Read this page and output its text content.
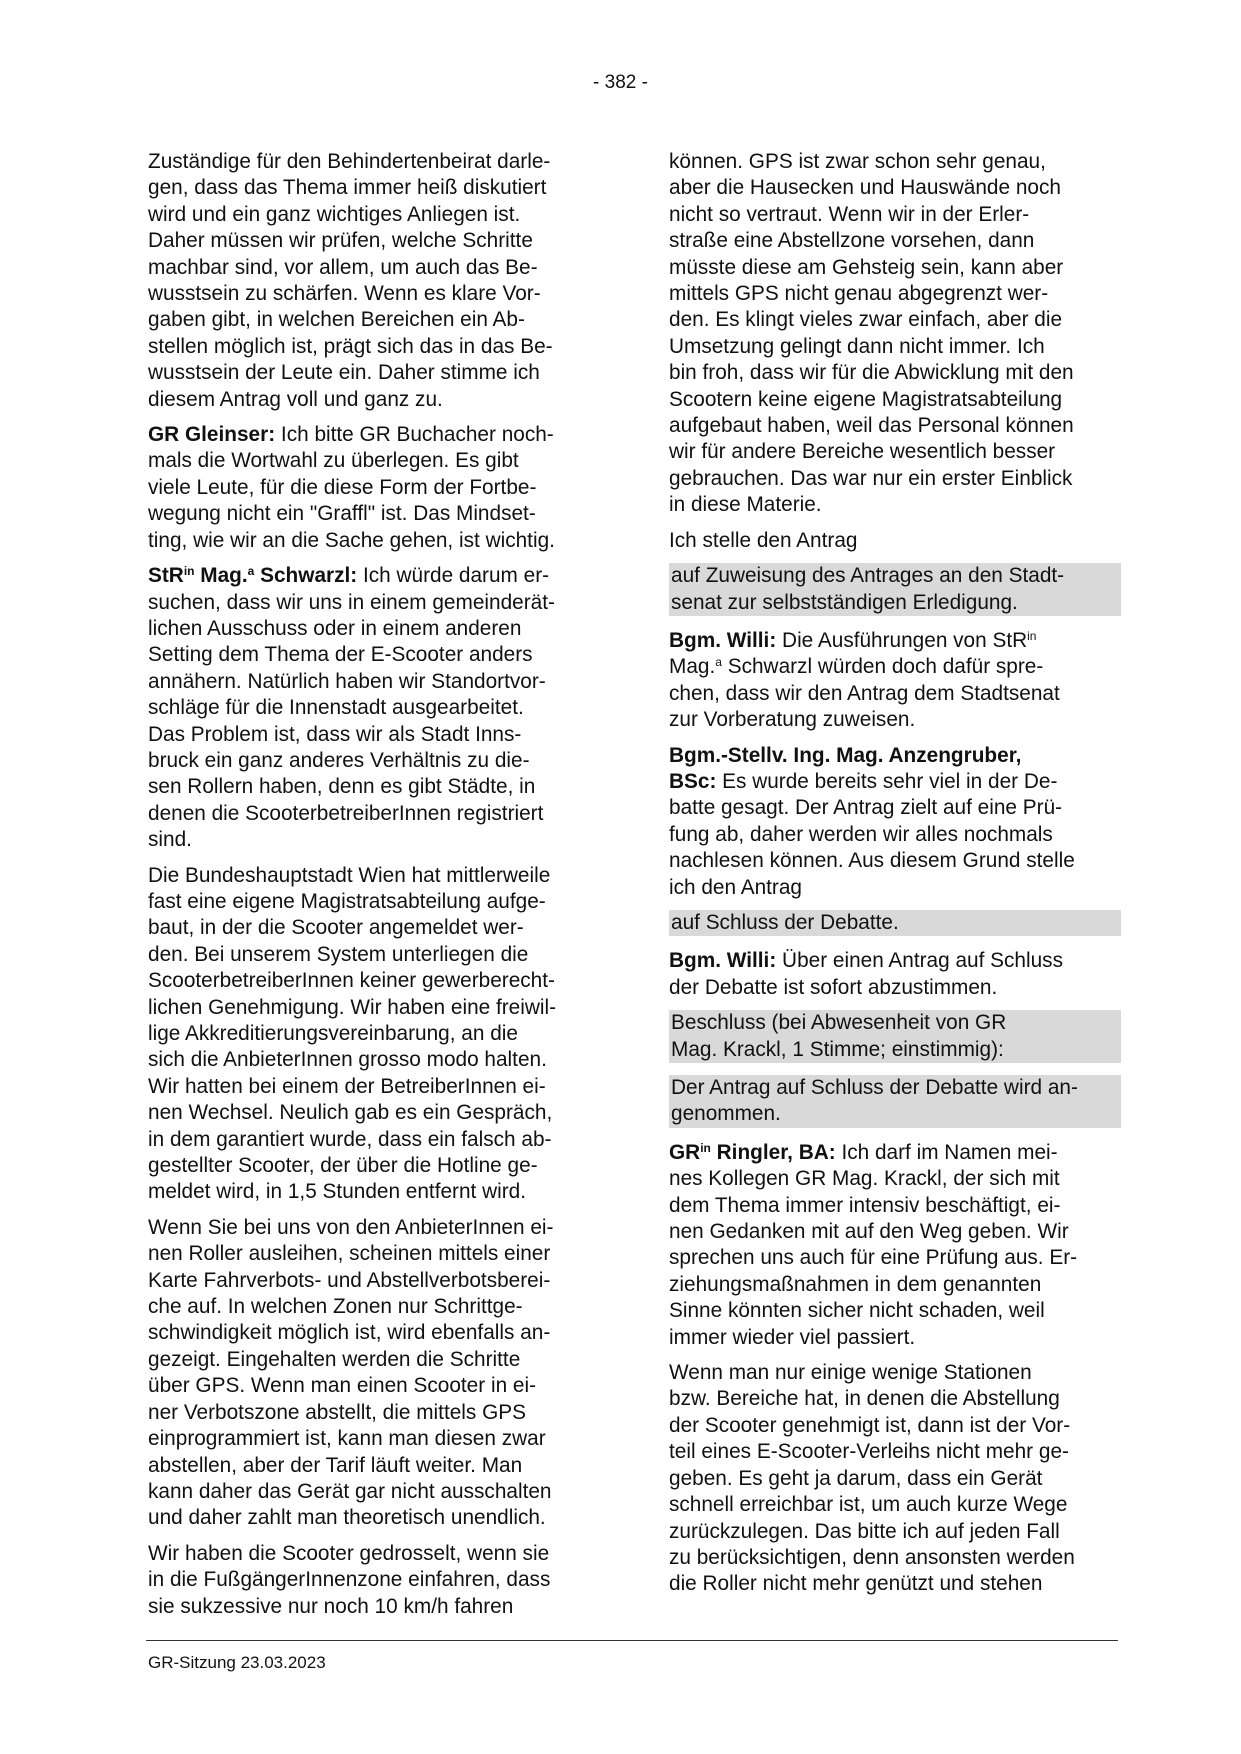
- 382 -

Zuständige für den Behindertenbeirat darle-
gen, dass das Thema immer heiß diskutiert
wird und ein ganz wichtiges Anliegen ist.
Daher müssen wir prüfen, welche Schritte
machbar sind, vor allem, um auch das Be-
wusstsein zu schärfen. Wenn es klare Vor-
gaben gibt, in welchen Bereichen ein Ab-
stellen möglich ist, prägt sich das in das Be-
wusstsein der Leute ein. Daher stimme ich
diesem Antrag voll und ganz zu.

GR Gleinser: Ich bitte GR Buchacher noch-
mals die Wortwahl zu überlegen. Es gibt
viele Leute, für die diese Form der Fortbe-
wegung nicht ein "Graffl" ist. Das Mindset-
ting, wie wir an die Sache gehen, ist wichtig.

StR$^{in}$ Mag.$^a$ Schwarzl: Ich würde darum er-
suchen, dass wir uns in einem gemeinderät-
lichen Ausschuss oder in einem anderen
Setting dem Thema der E-Scooter anders
annähern. Natürlich haben wir Standortvor-
schläge für die Innenstadt ausgearbeitet.
Das Problem ist, dass wir als Stadt Inns-
bruck ein ganz anderes Verhältnis zu die-
sen Rollern haben, denn es gibt Städte, in
denen die ScooterbetreiberInnen registriert
sind.

Die Bundeshauptstadt Wien hat mittlerweile
fast eine eigene Magistratsabteilung aufge-
baut, in der die Scooter angemeldet wer-
den. Bei unserem System unterliegen die
ScooterbetreiberInnen keiner gewerberecht-
lichen Genehmigung. Wir haben eine freiwil-
lige Akkreditierungsvereinbarung, an die
sich die AnbieterInnen grosso modo halten.
Wir hatten bei einem der BetreiberInnen ei-
nen Wechsel. Neulich gab es ein Gespräch,
in dem garantiert wurde, dass ein falsch ab-
gestellter Scooter, der über die Hotline ge-
meldet wird, in 1,5 Stunden entfernt wird.

Wenn Sie bei uns von den AnbieterInnen ei-
nen Roller ausleihen, scheinen mittels einer
Karte Fahrverbots- und Abstellverbotsberei-
che auf. In welchen Zonen nur Schrittge-
schwindigkeit möglich ist, wird ebenfalls an-
gezeigt. Eingehalten werden die Schritte
über GPS. Wenn man einen Scooter in ei-
ner Verbotszone abstellt, die mittels GPS
einprogrammiert ist, kann man diesen zwar
abstellen, aber der Tarif läuft weiter. Man
kann daher das Gerät gar nicht ausschalten
und daher zahlt man theoretisch unendlich.

Wir haben die Scooter gedrosselt, wenn sie
in die FußgängerInnenzone einfahren, dass
sie sukzessive nur noch 10 km/h fahren

können. GPS ist zwar schon sehr genau,
aber die Hausecken und Hauswände noch
nicht so vertraut. Wenn wir in der Erler-
straße eine Abstellzone vorsehen, dann
müsste diese am Gehsteig sein, kann aber
mittels GPS nicht genau abgegrenzt wer-
den. Es klingt vieles zwar einfach, aber die
Umsetzung gelingt dann nicht immer. Ich
bin froh, dass wir für die Abwicklung mit den
Scootern keine eigene Magistratsabteilung
aufgebaut haben, weil das Personal können
wir für andere Bereiche wesentlich besser
gebrauchen. Das war nur ein erster Einblick
in diese Materie.

Ich stelle den Antrag

auf Zuweisung des Antrages an den Stadt-
senat zur selbstständigen Erledigung.

Bgm. Willi: Die Ausführungen von StR$^{in}$
Mag.$^a$ Schwarzl würden doch dafür spre-
chen, dass wir den Antrag dem Stadtsenat
zur Vorberatung zuweisen.

Bgm.-Stellv. Ing. Mag. Anzengruber,
BSc: Es wurde bereits sehr viel in der De-
batte gesagt. Der Antrag zielt auf eine Prü-
fung ab, daher werden wir alles nochmals
nachlesen können. Aus diesem Grund stelle
ich den Antrag

auf Schluss der Debatte.

Bgm. Willi: Über einen Antrag auf Schluss
der Debatte ist sofort abzustimmen.

Beschluss (bei Abwesenheit von GR
Mag. Krackl, 1 Stimme; einstimmig):

Der Antrag auf Schluss der Debatte wird an-
genommen.

$GR^{in}$ Ringler, BA: Ich darf im Namen mei-
nes Kollegen GR Mag. Krackl, der sich mit
dem Thema immer intensiv beschäftigt, ei-
nen Gedanken mit auf den Weg geben. Wir
sprechen uns auch für eine Prüfung aus. Er-
ziehungsmaßnahmen in dem genannten
Sinne könnten sicher nicht schaden, weil
immer wieder viel passiert.

Wenn man nur einige wenige Stationen
bzw. Bereiche hat, in denen die Abstellung
der Scooter genehmigt ist, dann ist der Vor-
teil eines E-Scooter-Verleihs nicht mehr ge-
geben. Es geht ja darum, dass ein Gerät
schnell erreichbar ist, um auch kurze Wege
zurückzulegen. Das bitte ich auf jeden Fall
zu berücksichtigen, denn ansonsten werden
die Roller nicht mehr genützt und stehen

GR-Sitzung 23.03.2023
